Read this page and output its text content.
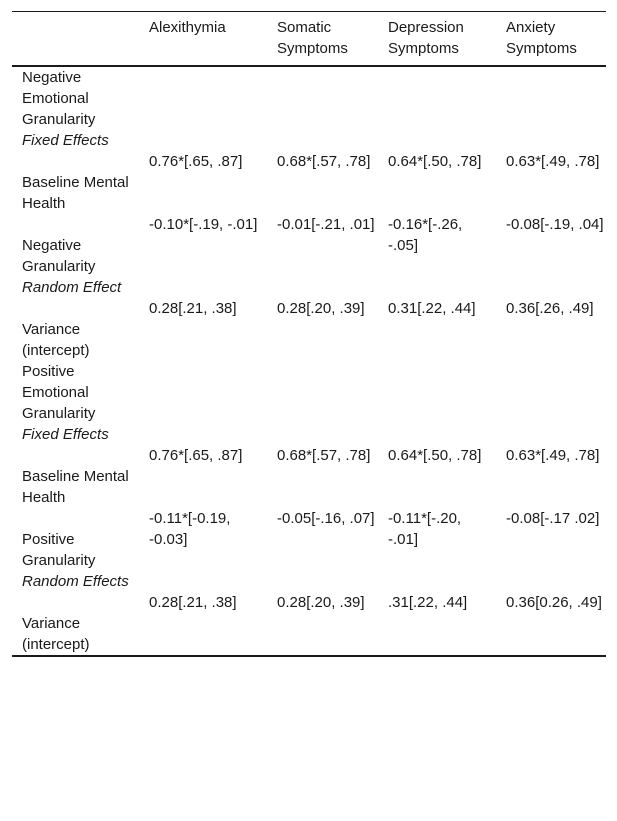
	Alexithymia	Somatic Symptoms	Depression Symptoms	Anxiety Symptoms
Negative Emotional Granularity				
Fixed Effects				

Baseline Mental Health	0.76*[.65, .87]	0.68*[.57, .78]	0.64*[.50, .78]	0.63*[.49, .78]

Negative Granularity	-0.10*[-.19, -.01]	-0.01[-.21, .01]	-0.16*[-.26, -.05]	-0.08[-.19, .04]
Random Effect				

Variance (intercept)	0.28[.21, .38]	0.28[.20, .39]	0.31[.22, .44]	0.36[.26, .49]
Positive Emotional Granularity				
Fixed Effects				

Baseline Mental Health	0.76*[.65, .87]	0.68*[.57, .78]	0.64*[.50, .78]	0.63*[.49, .78]

Positive Granularity	-0.11*[-0.19, -0.03]	-0.05[-.16, .07]	-0.11*[-.20, -.01]	-0.08[-.17 .02]
Random Effects				

Variance (intercept)	0.28[.21, .38]	0.28[.20, .39]	.31[.22, .44]	0.36[0.26, .49]
